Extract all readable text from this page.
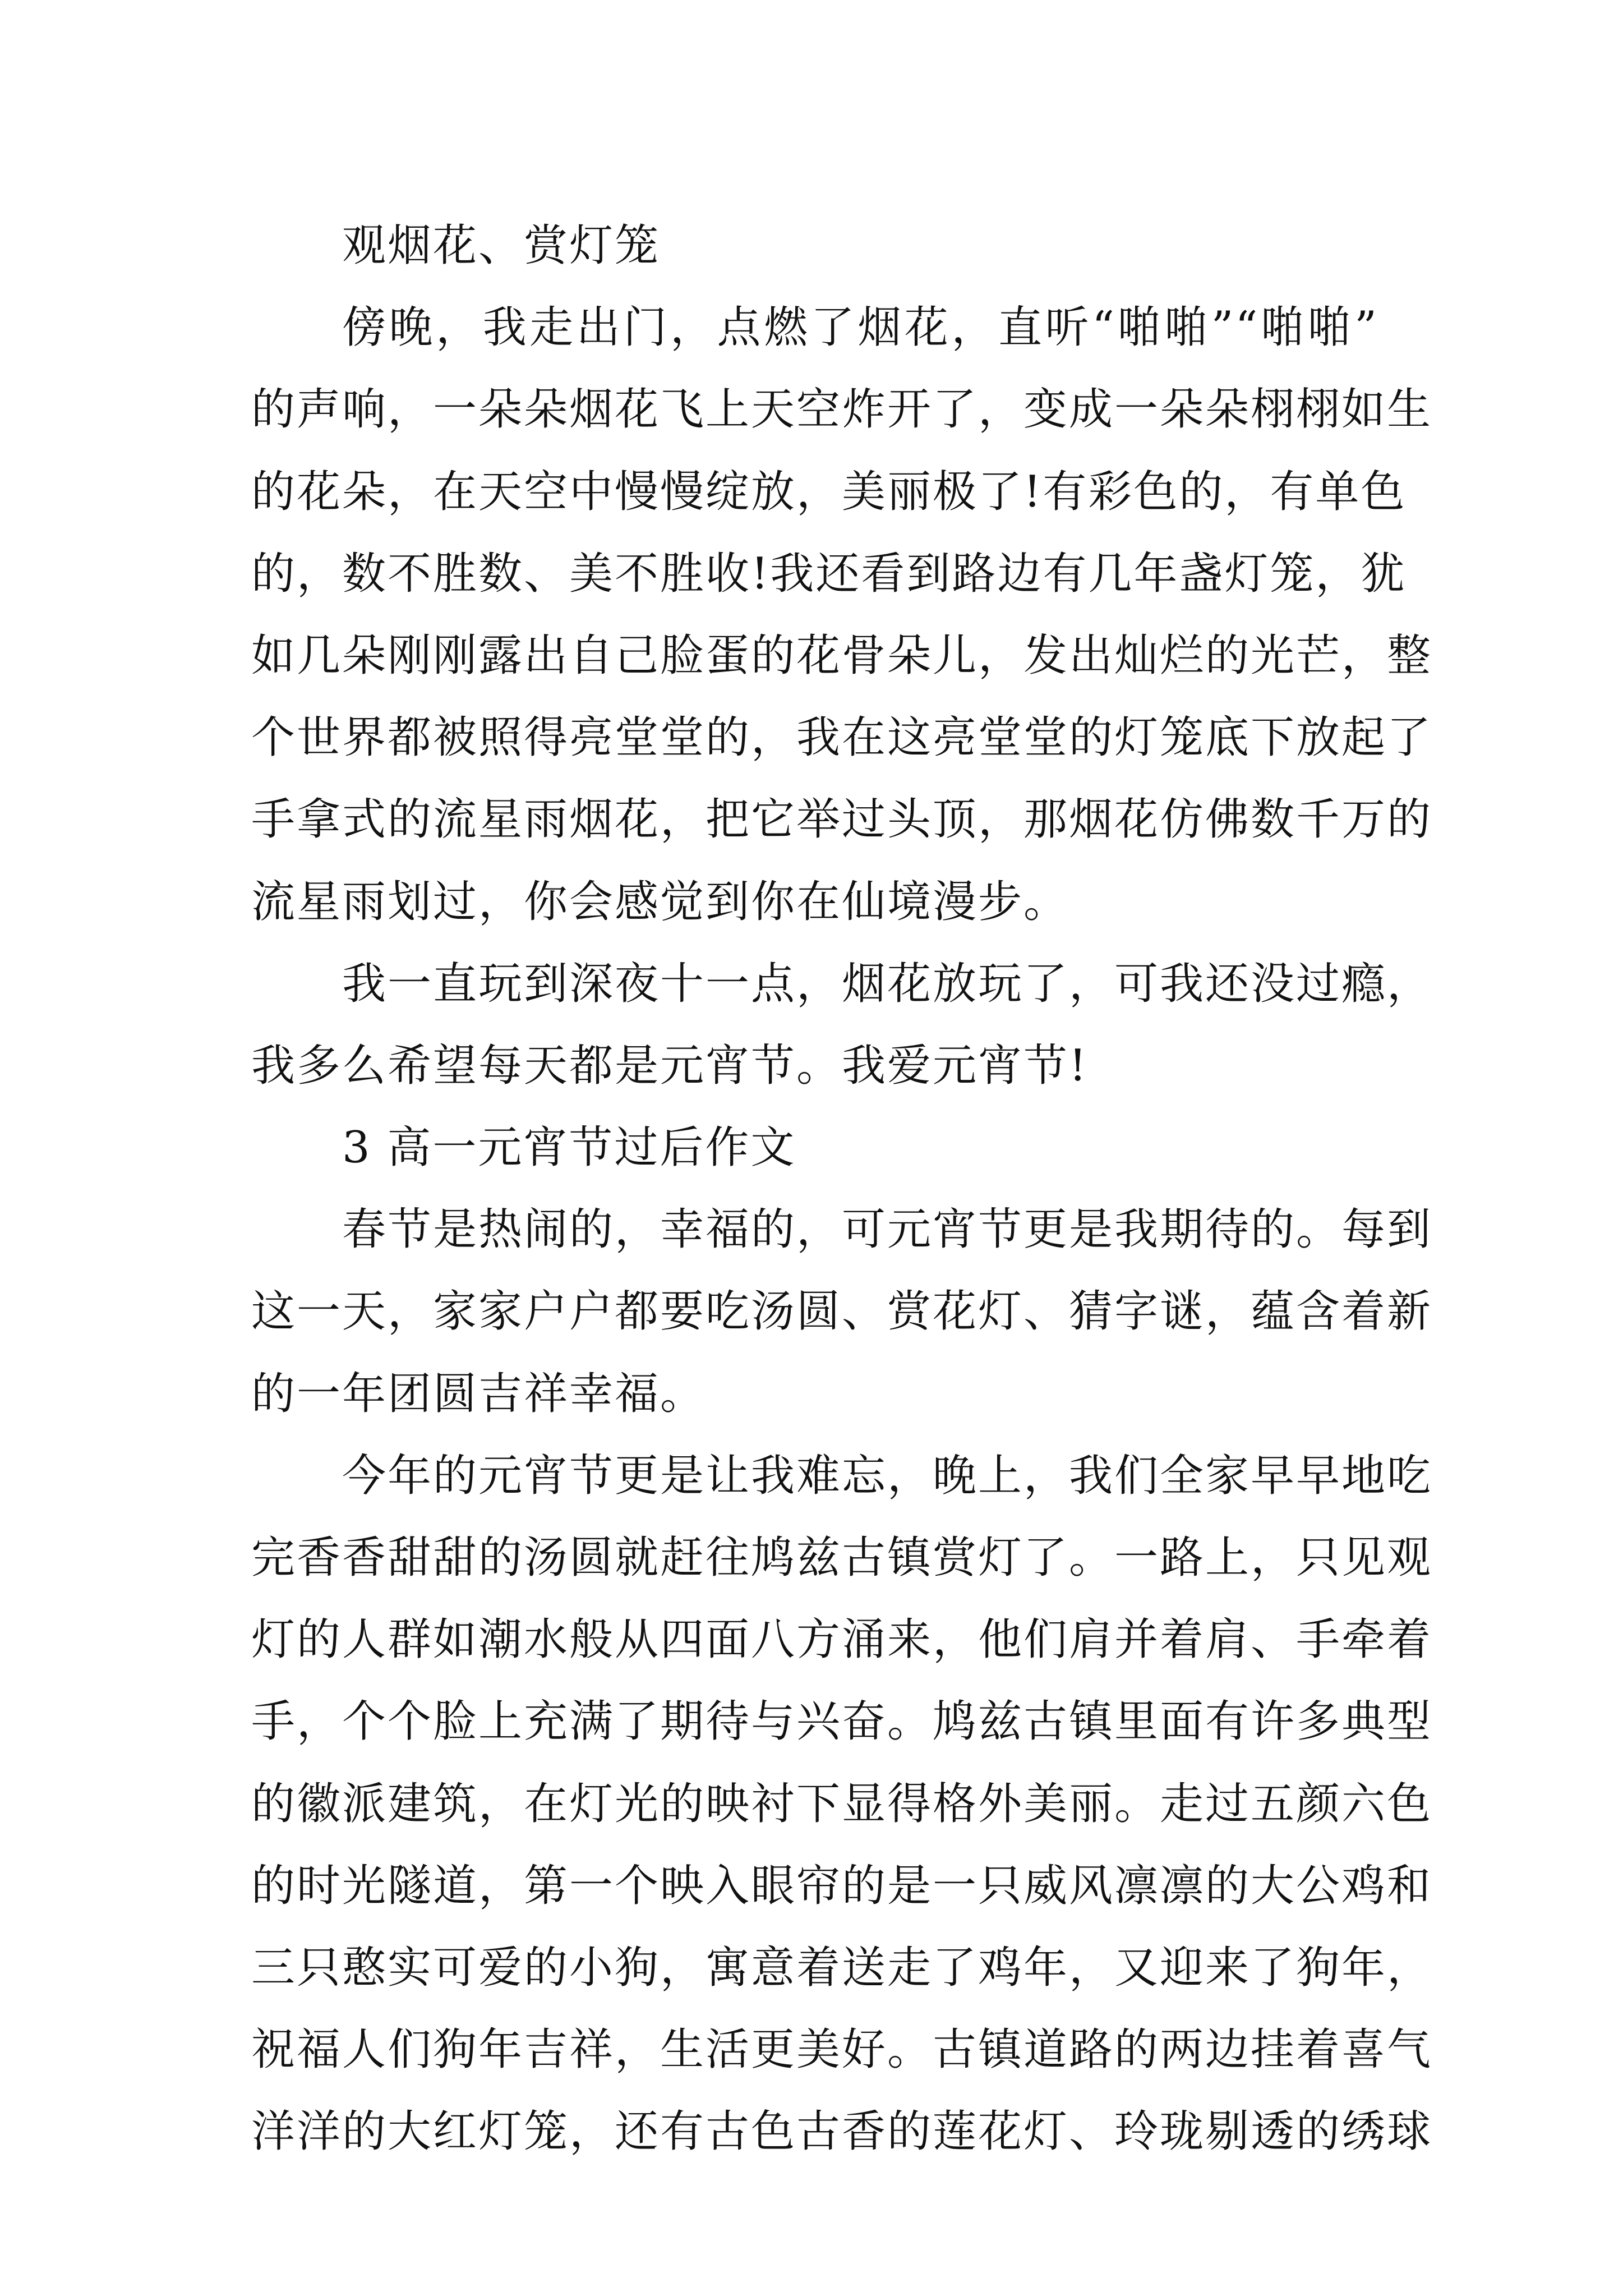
观烟花、赏灯笼
傍晚，我走出门，点燃了烟花，直听“啪啪”“啪啪”
的声响，一朵朵烟花飞上天空炸开了，变成一朵朵栩栩如生
的花朵，在天空中慢慢绽放，美丽极了!有彩色的，有单色
的，数不胜数、美不胜收!我还看到路边有几年盏灯笼，犹
如几朵刚刚露出自己脸蛋的花骨朵儿，发出灿烂的光芒，整
个世界都被照得亮堂堂的，我在这亮堂堂的灯笼底下放起了
手拿式的流星雨烟花，把它举过头顶，那烟花仿佛数千万的
流星雨划过，你会感觉到你在仙境漫步。
我一直玩到深夜十一点，烟花放玩了，可我还没过瘾，
我多么希望每天都是元宵节。我爱元宵节!
3 高一元宵节过后作文
春节是热闹的，幸福的，可元宵节更是我期待的。每到
这一天，家家户户都要吃汤圆、赏花灯、猜字谜，蕴含着新
的一年团圆吉祥幸福。
今年的元宵节更是让我难忘，晚上，我们全家早早地吃
完香香甜甜的汤圆就赶往鸠兹古镇赏灯了。一路上，只见观
灯的人群如潮水般从四面八方涌来，他们肩并着肩、手牵着
手，个个脸上充满了期待与兴奋。鸠兹古镇里面有许多典型
的徽派建筑，在灯光的映衬下显得格外美丽。走过五颜六色
的时光隧道，第一个映入眼帘的是一只威风凛凛的大公鸡和
三只憨实可爱的小狗，寓意着送走了鸡年，又迎来了狗年，
祝福人们狗年吉祥，生活更美好。古镇道路的两边挂着喜气
洋洋的大红灯笼，还有古色古香的莲花灯、玲珑剔透的绣球
